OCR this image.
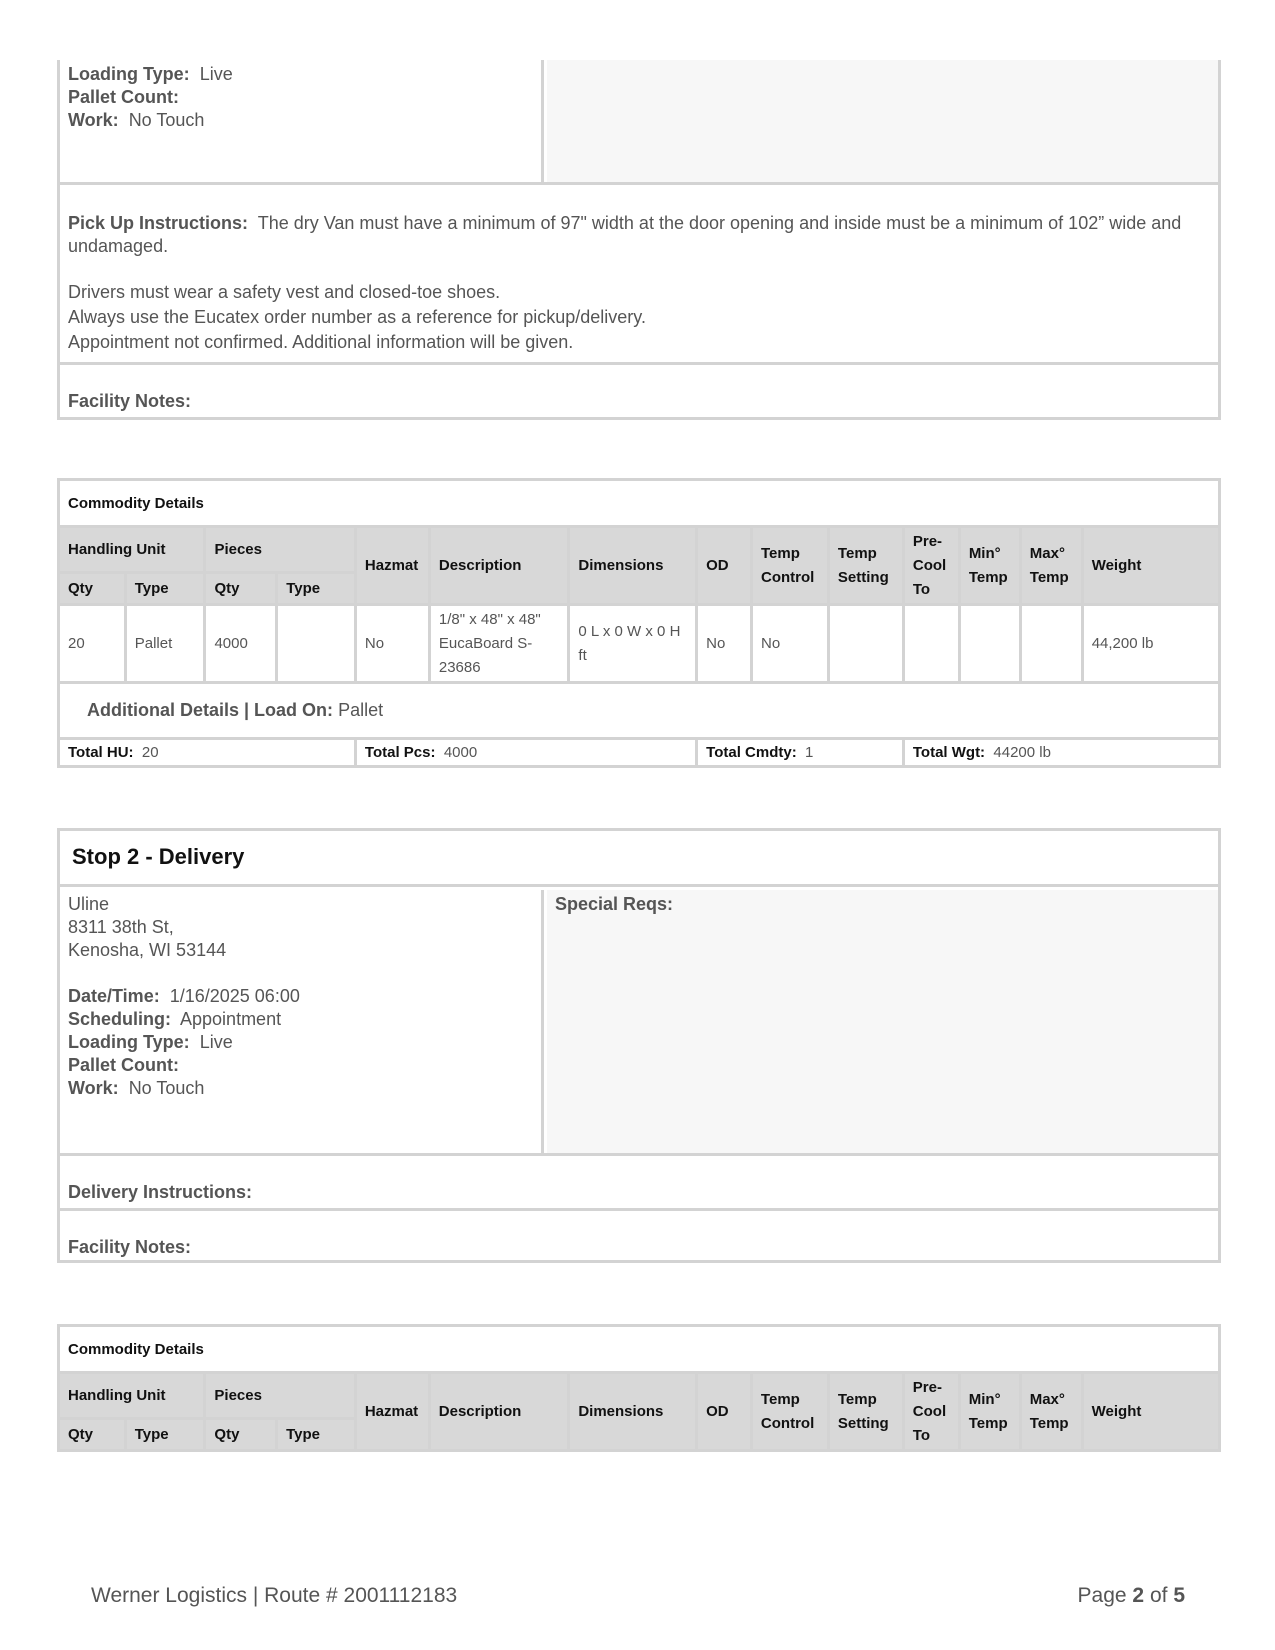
Loading Type: Live
Pallet Count:
Work: No Touch
Pick Up Instructions: The dry Van must have a minimum of 97" width at the door opening and inside must be a minimum of 102” wide and undamaged.
Drivers must wear a safety vest and closed-toe shoes.
Always use the Eucatex order number as a reference for pickup/delivery.
Appointment not confirmed. Additional information will be given.
Facility Notes:
Commodity Details													
Handling Unit		Pieces		Hazmat	Description	Dimensions	OD	Temp Control	Temp Setting	Pre-Cool To	Min° Temp	Max° Temp	Weight
Qty	Type	Qty	Type										
20	Pallet	4000		No	1/8" x 48" x 48" EucaBoard S-23686	0 L x 0 W x 0 H ft	No	No					44,200 lb
Additional Details | Load On: Pallet													
Total HU: 20				Total Pcs: 4000			Total Cmdty: 1			Total Wgt: 44200 lb			
Stop 2 - Delivery
Uline
8311 38th St,
Kenosha, WI 53144
Date/Time: 1/16/2025 06:00
Scheduling: Appointment
Loading Type: Live
Pallet Count:
Work: No Touch
Special Reqs:
Delivery Instructions:
Facility Notes:
Commodity Details													
Handling Unit		Pieces		Hazmat	Description	Dimensions	OD	Temp Control	Temp Setting	Pre-Cool To	Min° Temp	Max° Temp	Weight
Qty	Type	Qty	Type										
Werner Logistics | Route # 2001112183	Page 2 of 5
